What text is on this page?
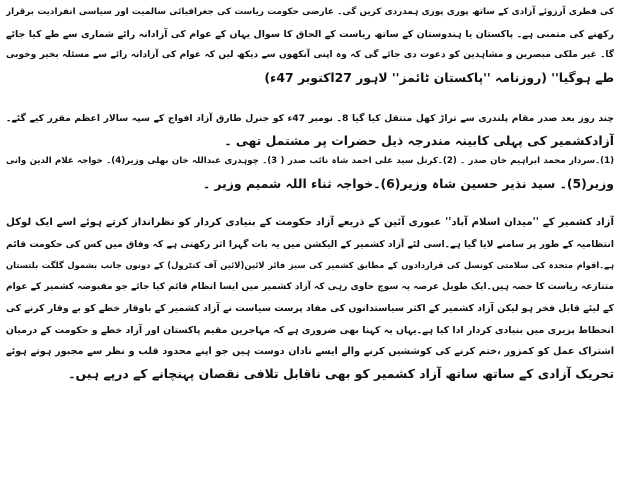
کی فطری آرزوئے آزادی کے ساتھ پوری پوری ہمدردی کریں گی۔ عارضی حکومت ریاست کی جغرافیائی سالمیت اور سیاسی انفرادیت برقرار
رکھنے کی متمنی ہے۔ پاکستان یا ہندوستان کے ساتھ ریاست کے الحاق کا سوال یہاں کے عوام کی آزادانہ رائے شماری سے طے کیا جائے
گا۔ غیر ملکی مبصرین و مشاہدین کو دعوت دی جائے گی کہ وہ اپنی آنکھوں سے دیکھ لیں کہ عوام کی آزادانہ رائے سے مسئلہ بخیر وخوبی
طے ہوگیا'' (روزنامہ ''پاکستان ٹائمز'' لاہور 27اکتوبر 47ء)
چند روز بعد صدر مقام پلندری سے تراڑ کھل منتقل کیا گیا 8۔ نومبر 47ء کو جنرل طارق آزاد افواج کے سپہ سالار اعظم مقرر کیے گئے۔
آزادکشمیر کی پہلی کابینہ مندرجہ ذیل حضرات پر مشتمل تھی ۔
(1)۔سردار محمد ابراہیم خان صدر ۔ (2)۔کرنل سید علی احمد شاہ نائب صدر ( 3)۔ چوہدری عبداللہ خان بھلی وزیر(4)۔ خواجہ غلام الدین وانی
وزیر(5)۔ سید نذیر حسین شاہ وزیر(6)۔خواجہ ثناء اللہ شمیم وزیر ۔
آزاد کشمیر کے ''میدان اسلام آباد'' عبوری آئین کے ذریعے آزاد حکومت کے بنیادی کردار کو نظرانداز کرتے ہوئے اسے ایک لوکل
انتظامیہ کے طور پر سامنے لایا گیا ہے۔اسی لئے آزاد کشمیر کے الیکشن میں یہ بات گہرا اثر رکھتی ہے کہ وفاق میں کس کی حکومت قائم
ہے۔اقوام متحدہ کی سلامتی کونسل کی قراردادوں کے مطابق کشمیر کی سیز فائر لائین(لائین آف کنٹرول) کے دونوں جانب بشمول گلگت بلتستان
متنازعہ ریاست کا حصہ ہیں۔ایک طویل عرصہ یہ سوچ حاوی رہی کہ آزاد کشمیر میں ایسا انظام قائم کیا جائے جو مقبوضہ کشمیر کے عوام
کے لیئے قابل فخر ہو لیکن آزاد کشمیر کے اکثر سیاستدانوں کی مفاد پرست سیاست نے آزاد کشمیر کے باوقار خطے کو بے وقار کرنے کی
انحطاط پزیری میں بنیادی کردار ادا کیا ہے۔یہاں یہ کہنا بھی ضروری ہے کہ مہاجرین مقیم پاکستان اور آزاد خطے و حکومت کے درمیان
اشتراک عمل کو کمزور ،ختم کرنے کی کوششیں کرنے والے ایسے نادان دوست ہیں جو اپنے محدود قلب و نظر سے مجبور ہوتے ہوئے
تحریک آزادی کے ساتھ ساتھ آزاد کشمیر کو بھی ناقابل تلافی نقصان پہنچانے کے درپے ہیں۔
